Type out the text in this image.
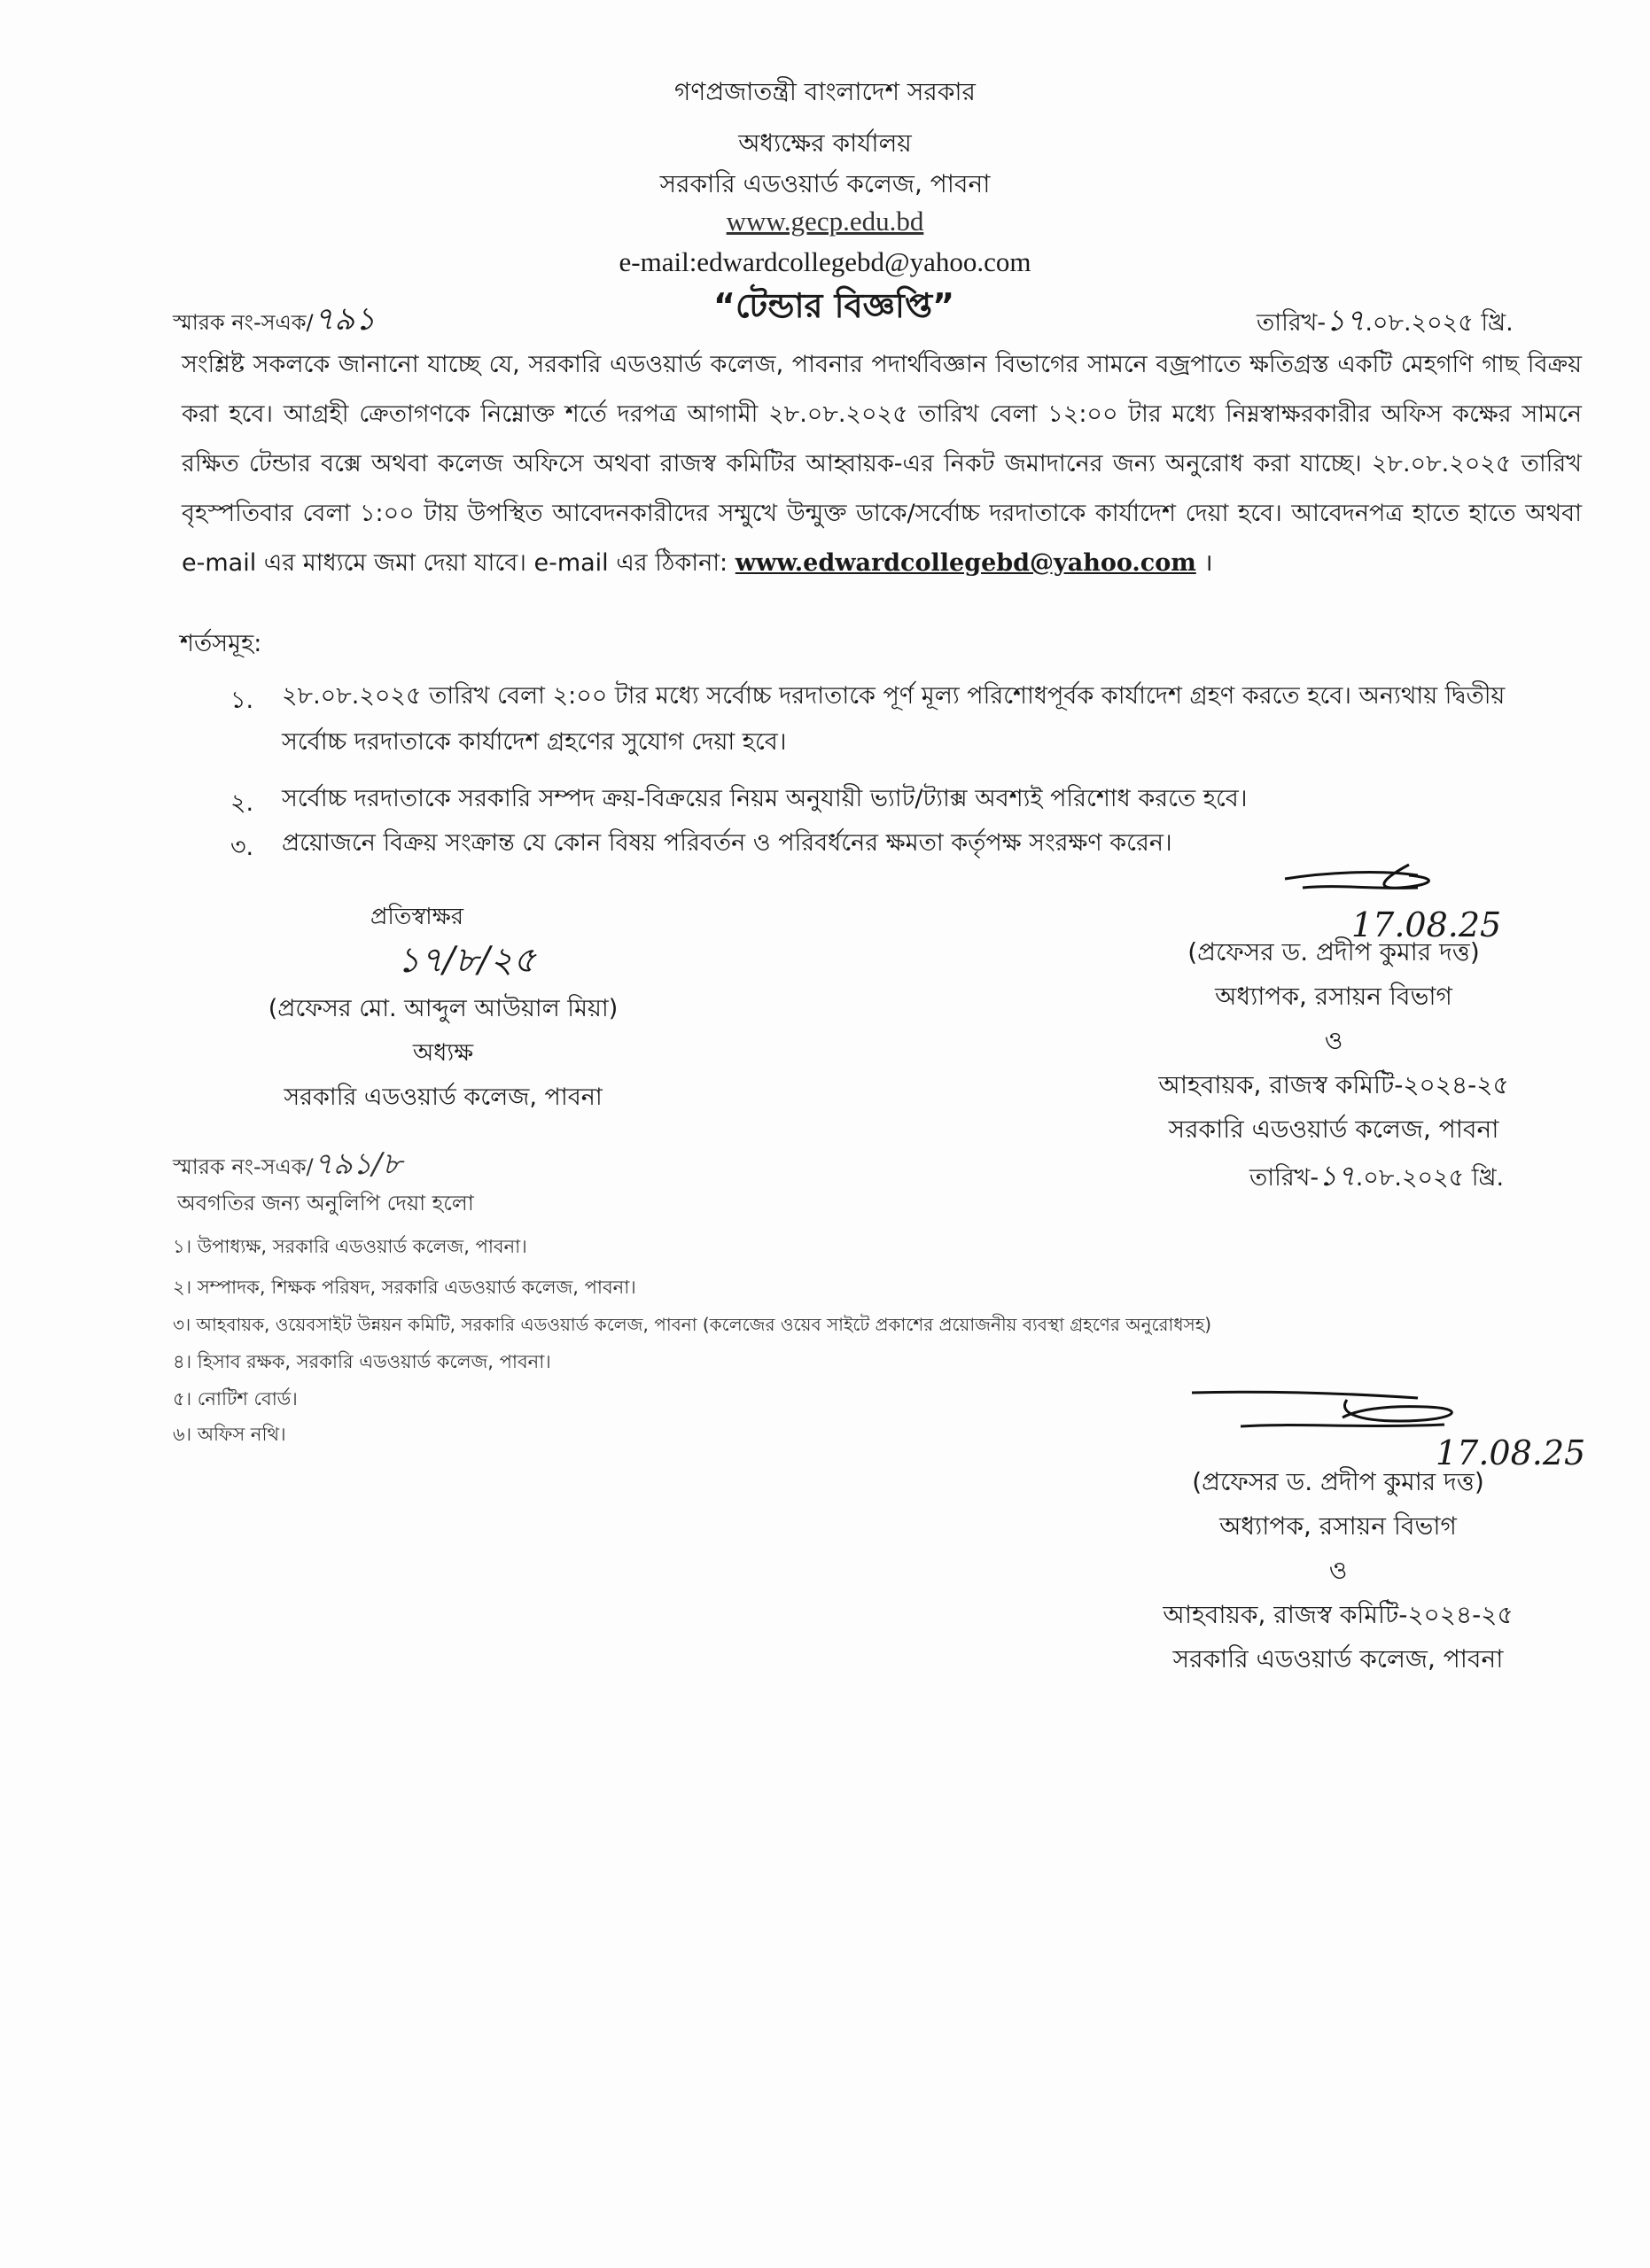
গণপ্রজাতন্ত্রী বাংলাদেশ সরকার
অধ্যক্ষের কার্যালয়
সরকারি এডওয়ার্ড কলেজ, পাবনা
www.gecp.edu.bd
e-mail:edwardcollegebd@yahoo.com
স্মারক নং-সএক/৭৯১	“টেন্ডার বিজ্ঞপ্তি”	তারিখ-১৭.০৮.২০২৫ খ্রি.
সংশ্লিষ্ট সকলকে জানানো যাচ্ছে যে, সরকারি এডওয়ার্ড কলেজ, পাবনার পদার্থবিজ্ঞান বিভাগের সামনে বজ্রপাতে ক্ষতিগ্রস্ত একটি মেহগণি গাছ বিক্রয় করা হবে। আগ্রহী ক্রেতাগণকে নিম্নোক্ত শর্তে দরপত্র আগামী ২৮.০৮.২০২৫ তারিখ বেলা ১২:০০ টার মধ্যে নিম্নস্বাক্ষরকারীর অফিস কক্ষের সামনে রক্ষিত টেন্ডার বক্সে অথবা কলেজ অফিসে অথবা রাজস্ব কমিটির আহ্বায়ক-এর নিকট জমাদানের জন্য অনুরোধ করা যাচ্ছে। ২৮.০৮.২০২৫ তারিখ বৃহস্পতিবার বেলা ১:০০ টায় উপস্থিত আবেদনকারীদের সম্মুখে উন্মুক্ত ডাকে/সর্বোচ্চ দরদাতাকে কার্যাদেশ দেয়া হবে। আবেদনপত্র হাতে হাতে অথবা e-mail এর মাধ্যমে জমা দেয়া যাবে। e-mail এর ঠিকানা: www.edwardcollegebd@yahoo.com ।
শর্তসমূহ:
১. ২৮.০৮.২০২৫ তারিখ বেলা ২:০০ টার মধ্যে সর্বোচ্চ দরদাতাকে পূর্ণ মূল্য পরিশোধপূর্বক কার্যাদেশ গ্রহণ করতে হবে। অন্যথায় দ্বিতীয় সর্বোচ্চ দরদাতাকে কার্যাদেশ গ্রহণের সুযোগ দেয়া হবে।
২. সর্বোচ্চ দরদাতাকে সরকারি সম্পদ ক্রয়-বিক্রয়ের নিয়ম অনুযায়ী ভ্যাট/ট্যাক্স অবশ্যই পরিশোধ করতে হবে।
৩. প্রয়োজনে বিক্রয় সংক্রান্ত যে কোন বিষয় পরিবর্তন ও পরিবর্ধনের ক্ষমতা কর্তৃপক্ষ সংরক্ষণ করেন।
17.08.25
(প্রফেসর ড. প্রদীপ কুমার দত্ত)
অধ্যাপক, রসায়ন বিভাগ
ও
আহবায়ক, রাজস্ব কমিটি-২০২৪-২৫
সরকারি এডওয়ার্ড কলেজ, পাবনা
তারিখ-১৭.০৮.২০২৫ খ্রি.
প্রতিস্বাক্ষর
১৭/৮/২৫
(প্রফেসর মো. আব্দুল আউয়াল মিয়া)
অধ্যক্ষ
সরকারি এডওয়ার্ড কলেজ, পাবনা
স্মারক নং-সএক/৭৯১/৮
অবগতির জন্য অনুলিপি দেয়া হলো
১। উপাধ্যক্ষ, সরকারি এডওয়ার্ড কলেজ, পাবনা।
২। সম্পাদক, শিক্ষক পরিষদ, সরকারি এডওয়ার্ড কলেজ, পাবনা।
৩। আহবায়ক, ওয়েবসাইট উন্নয়ন কমিটি, সরকারি এডওয়ার্ড কলেজ, পাবনা (কলেজের ওয়েব সাইটে প্রকাশের প্রয়োজনীয় ব্যবস্থা গ্রহণের অনুরোধসহ)
৪। হিসাব রক্ষক, সরকারি এডওয়ার্ড কলেজ, পাবনা।
৫। নোটিশ বোর্ড।
৬। অফিস নথি।	17.08.25
(প্রফেসর ড. প্রদীপ কুমার দত্ত)
অধ্যাপক, রসায়ন বিভাগ
ও
আহবায়ক, রাজস্ব কমিটি-২০২৪-২৫
সরকারি এডওয়ার্ড কলেজ, পাবনা
